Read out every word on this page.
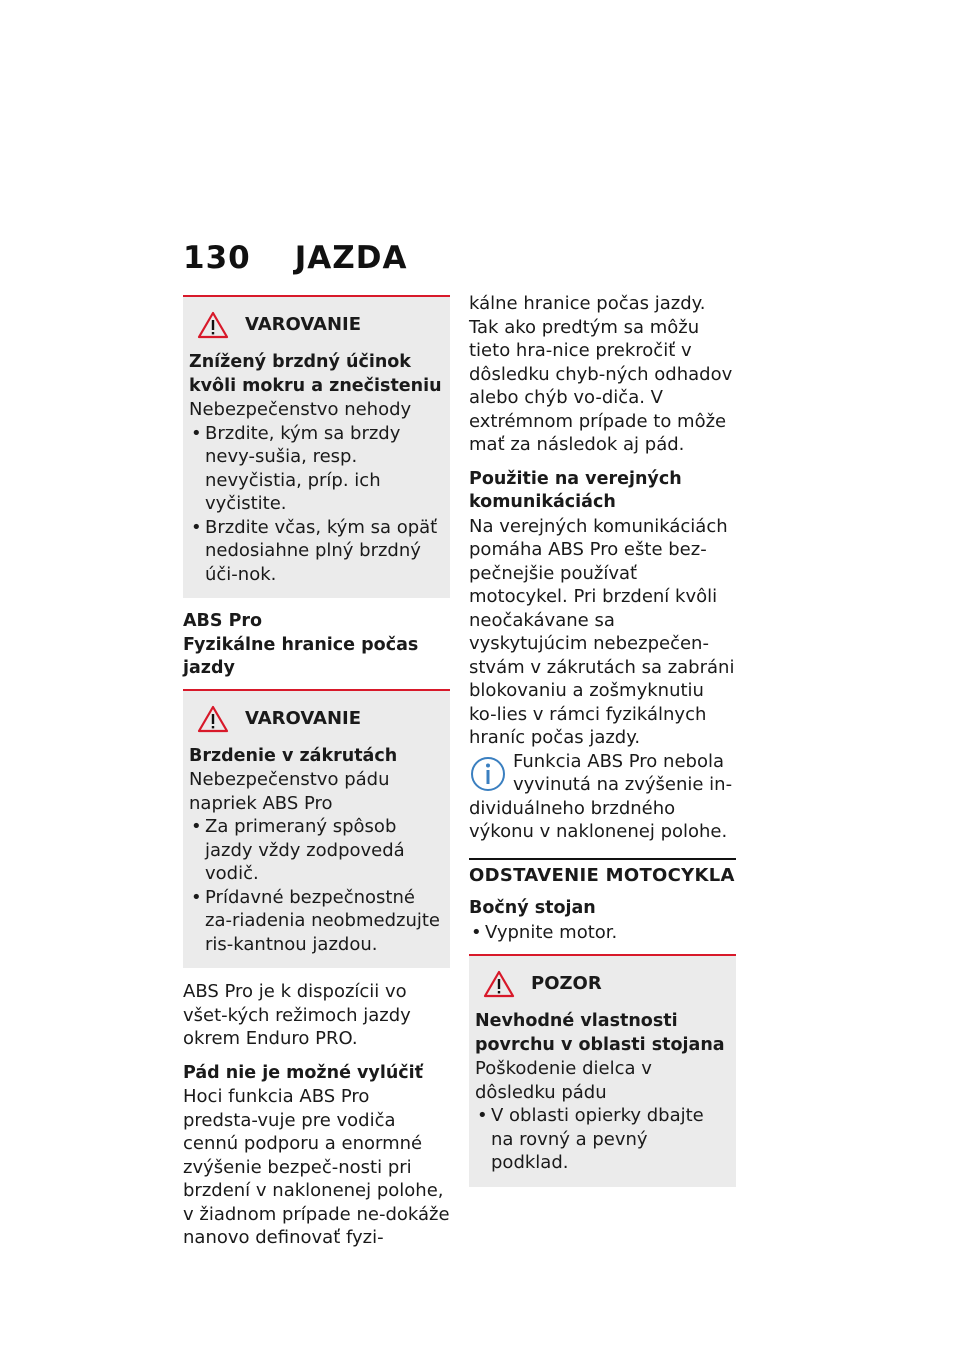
130 JAZDA
VAROVANIE
Znížený brzdný účinok kvôli mokru a znečisteniu

Nebezpečenstvo nehody

• Brzdite, kým sa brzdy nevy-sušia, resp. nevyčistia, príp. ich vyčistite.
• Brzdite včas, kým sa opäť nedosiahne plný brzdný úči-nok.
ABS Pro
Fyzikálne hranice počas jazdy
VAROVANIE
Brzdenie v zákrutách

Nebezpečenstvo pádu napriek ABS Pro

• Za primeraný spôsob jazdy vždy zodpovedá vodič.
• Prídavné bezpečnostné za-riadenia neobmedzujte ris-kantnou jazdou.

ABS Pro je k dispozícii vo všet-kých režimoch jazdy okrem Enduro PRO.

Pád nie je možné vylúčiť

Hoci funkcia ABS Pro predsta-vuje pre vodiča cennú podporu a enormné zvýšenie bezpeč-nosti pri brzdení v naklonenej polohe, v žiadnom prípade ne-dokáže nanovo definovať fyzi-

kálne hranice počas jazdy. Tak ako predtým sa môžu tieto hra-nice prekročiť v dôsledku chyb-ných odhadov alebo chýb vo-diča. V extrémnom prípade to môže mať za následok aj pád.

Použitie na verejných komunikáciách

Na verejných komunikáciách pomáha ABS Pro ešte bez-pečnejšie používať motocykel. Pri brzdení kvôli neočakávane sa vyskytujúcim nebezpečen-stvám v zákrutách sa zabráni blokovaniu a zošmyknutiu ko-lies v rámci fyzikálnych hraníc počas jazdy.

Funkcia ABS Pro nebola vyvinutá na zvýšenie in-dividuálneho brzdného výkonu v naklonenej polohe.
ODSTAVENIE MOTOCYKLA
Bočný stojan
• Vypnite motor.
POZOR
Nevhodné vlastnosti povrchu v oblasti stojana

Poškodenie dielca v dôsledku pádu

• V oblasti opierky dbajte na rovný a pevný podklad.
